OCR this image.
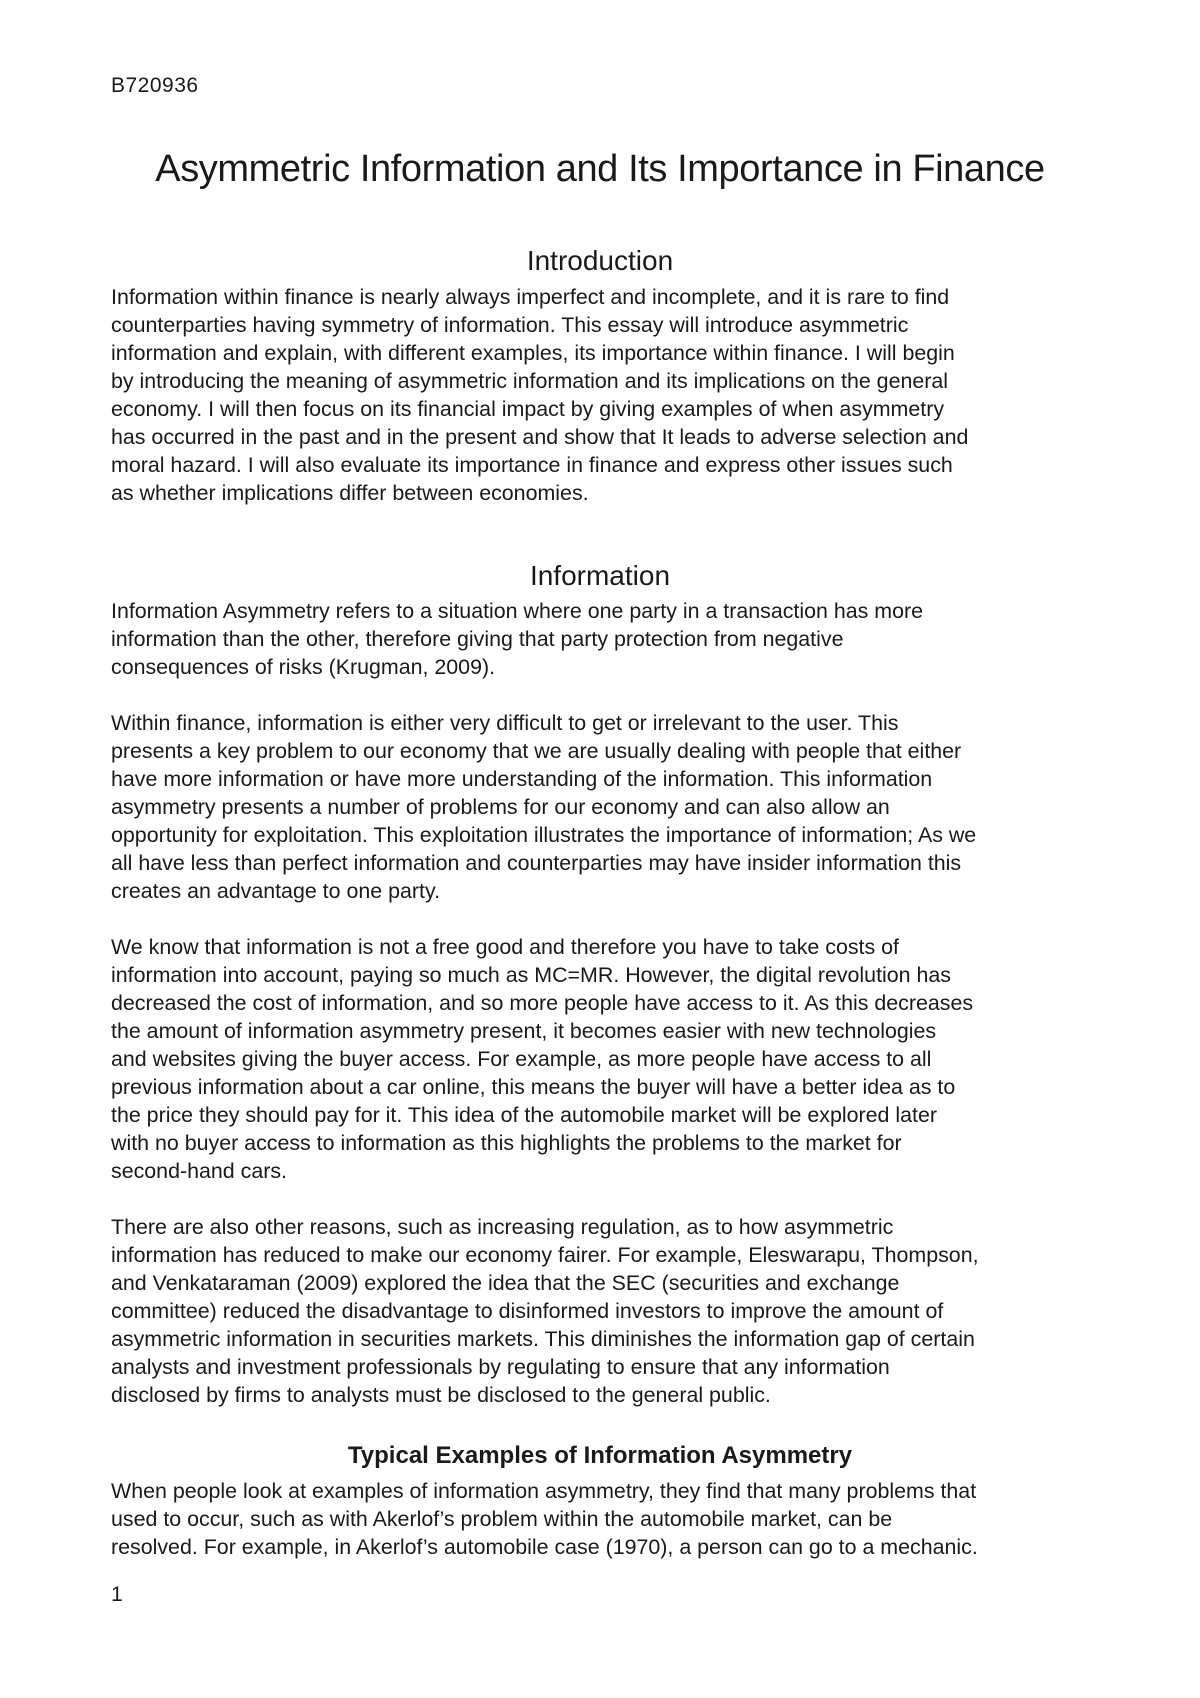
B720936
Asymmetric Information and Its Importance in Finance
Introduction

Information within finance is nearly always imperfect and incomplete, and it is rare to find
counterparties having symmetry of information. This essay will introduce asymmetric
information and explain, with different examples, its importance within finance. I will begin
by introducing the meaning of asymmetric information and its implications on the general
economy. I will then focus on its financial impact by giving examples of when asymmetry
has occurred in the past and in the present and show that It leads to adverse selection and
moral hazard. I will also evaluate its importance in finance and express other issues such
as whether implications differ between economies.

Information

Information Asymmetry refers to a situation where one party in a transaction has more
information than the other, therefore giving that party protection from negative
consequences of risks (Krugman, 2009).

Within finance, information is either very difficult to get or irrelevant to the user. This
presents a key problem to our economy that we are usually dealing with people that either
have more information or have more understanding of the information. This information
asymmetry presents a number of problems for our economy and can also allow an
opportunity for exploitation. This exploitation illustrates the importance of information; As we
all have less than perfect information and counterparties may have insider information this
creates an advantage to one party.

We know that information is not a free good and therefore you have to take costs of
information into account, paying so much as MC=MR. However, the digital revolution has
decreased the cost of information, and so more people have access to it. As this decreases
the amount of information asymmetry present, it becomes easier with new technologies
and websites giving the buyer access. For example, as more people have access to all
previous information about a car online, this means the buyer will have a better idea as to
the price they should pay for it. This idea of the automobile market will be explored later
with no buyer access to information as this highlights the problems to the market for
second-hand cars.

There are also other reasons, such as increasing regulation, as to how asymmetric
information has reduced to make our economy fairer. For example, Eleswarapu, Thompson,
and Venkataraman (2009) explored the idea that the SEC (securities and exchange
committee) reduced the disadvantage to disinformed investors to improve the amount of
asymmetric information in securities markets. This diminishes the information gap of certain
analysts and investment professionals by regulating to ensure that any information
disclosed by firms to analysts must be disclosed to the general public.

Typical Examples of Information Asymmetry

When people look at examples of information asymmetry, they find that many problems that
used to occur, such as with Akerlof’s problem within the automobile market, can be
resolved. For example, in Akerlof’s automobile case (1970), a person can go to a mechanic.

1
